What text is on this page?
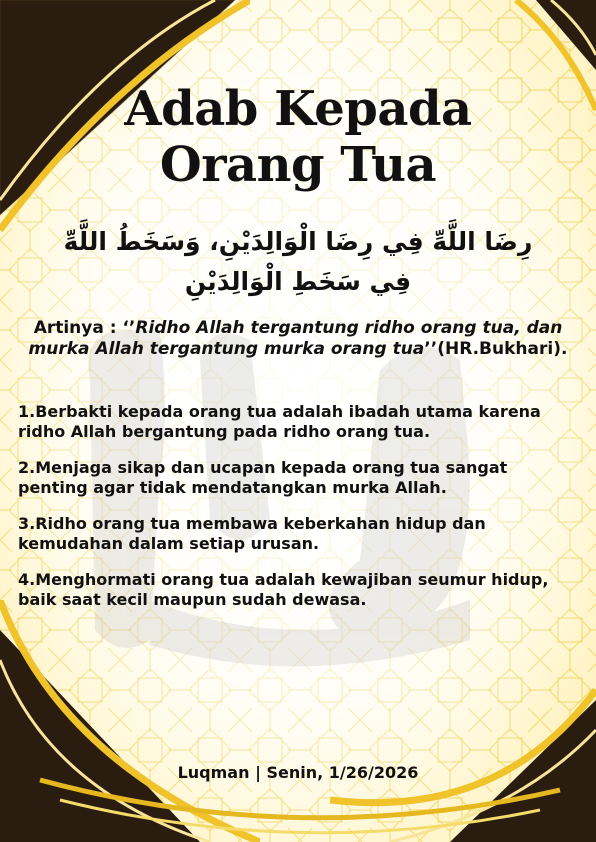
Adab Kepada
Orang Tua
رِضَا اللَّهِّ فِي رِضَا الْوَالِدَيْنِ، وَسَخَطُ اللَّهِّ
فِي سَخَطِ الْوَالِدَيْنِ
Artinya : ‘’Ridho Allah tergantung ridho orang tua, dan murka Allah tergantung murka orang tua’’(HR.Bukhari).
1.Berbakti kepada orang tua adalah ibadah utama karena ridho Allah bergantung pada ridho orang tua.
2.Menjaga sikap dan ucapan kepada orang tua sangat penting agar tidak mendatangkan murka Allah.
3.Ridho orang tua membawa keberkahan hidup dan kemudahan dalam setiap urusan.
4.Menghormati orang tua adalah kewajiban seumur hidup, baik saat kecil maupun sudah dewasa.
Luqman | Senin, 1/26/2026
